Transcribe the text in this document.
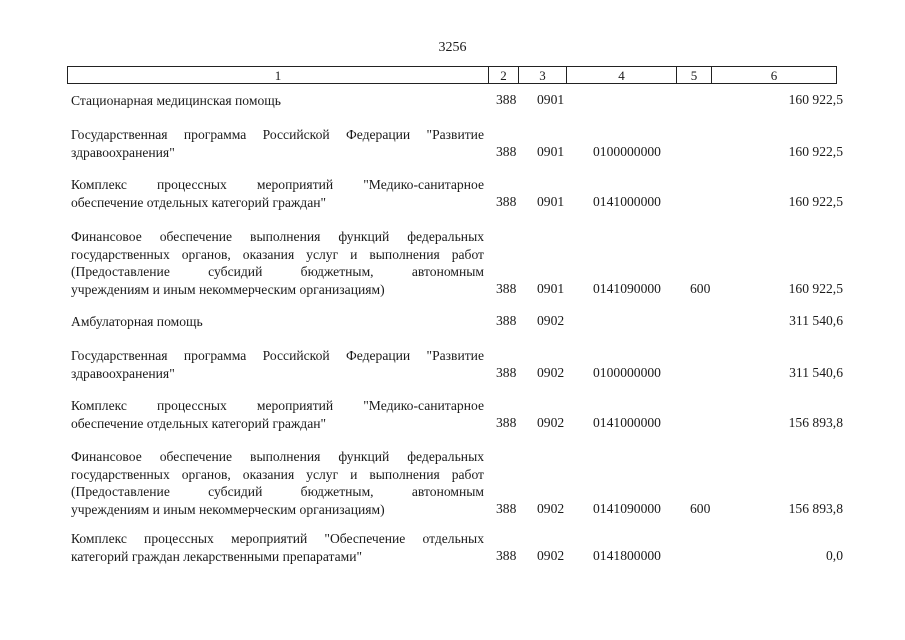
3256
1	2	3	4	5	6
Стационарная медицинская помощь	388 0901	160 922,5
Государственная программа Российской Федерации "Развитие
здравоохранения"	388 0901 0100000000	160 922,5
Комплекс процессных мероприятий "Медико-санитарное
обеспечение отдельных категорий граждан"	388 0901 0141000000	160 922,5
Финансовое обеспечение выполнения функций федеральных
государственных органов, оказания услуг и выполнения работ
(Предоставление субсидий бюджетным, автономным
учреждениям и иным некоммерческим организациям)	388 0901 0141090000 600	160 922,5
Амбулаторная помощь	388 0902	311 540,6
Государственная программа Российской Федерации "Развитие
здравоохранения"	388 0902 0100000000	311 540,6
Комплекс процессных мероприятий "Медико-санитарное
обеспечение отдельных категорий граждан"	388 0902 0141000000	156 893,8
Финансовое обеспечение выполнения функций федеральных
государственных органов, оказания услуг и выполнения работ
(Предоставление субсидий бюджетным, автономным
учреждениям и иным некоммерческим организациям)	388 0902 0141090000 600	156 893,8
Комплекс процессных мероприятий "Обеспечение отдельных
категорий граждан лекарственными препаратами"	388 0902 0141800000	0,0
